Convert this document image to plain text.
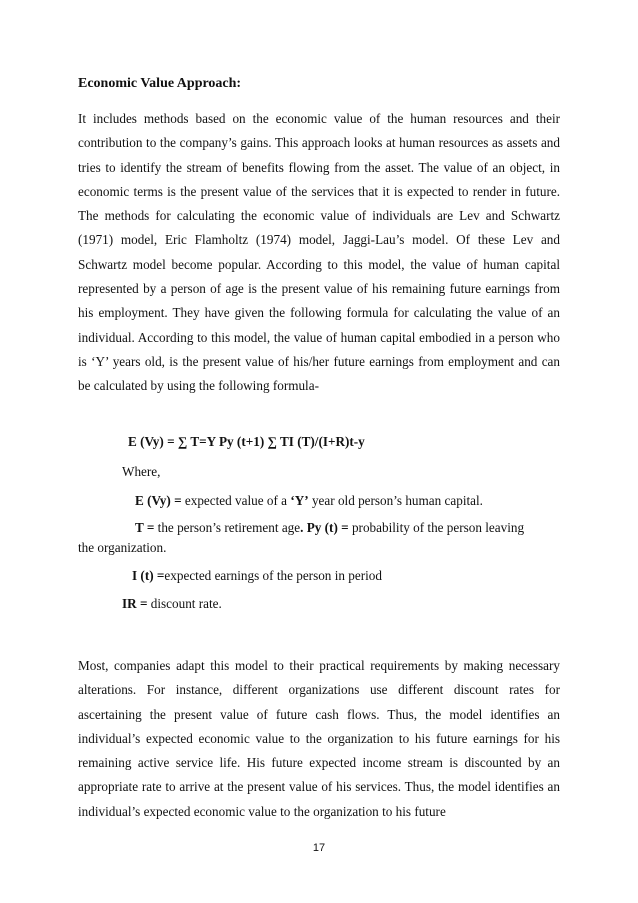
Economic Value Approach:

It includes methods based on the economic value of the human resources and their contribution to the company’s gains. This approach looks at human resources as assets and tries to identify the stream of benefits flowing from the asset. The value of an object, in economic terms is the present value of the services that it is expected to render in future. The methods for calculating the economic value of individuals are Lev and Schwartz (1971) model, Eric Flamholtz (1974) model, Jaggi-Lau’s model. Of these Lev and Schwartz model become popular. According to this model, the value of human capital represented by a person of age is the present value of his remaining future earnings from his employment. They have given the following formula for calculating the value of an individual. According to this model, the value of human capital embodied in a person who is ‘Y’ years old, is the present value of his/her future earnings from employment and can be calculated by using the following formula-

E (Vy) = ∑ T=Y Py (t+1) ∑ TI (T)/(I+R)t-y
Where,
E (Vy) = expected value of a ‘Y’ year old person’s human capital.
T = the person’s retirement age. Py (t) = probability of the person leaving
the organization.
I (t) =expected earnings of the person in period
IR = discount rate.

Most, companies adapt this model to their practical requirements by making necessary alterations. For instance, different organizations use different discount rates for ascertaining the present value of future cash flows. Thus, the model identifies an individual’s expected economic value to the organization to his future earnings for his remaining active service life. His future expected income stream is discounted by an appropriate rate to arrive at the present value of his services. Thus, the model identifies an individual’s expected economic value to the organization to his future

17
